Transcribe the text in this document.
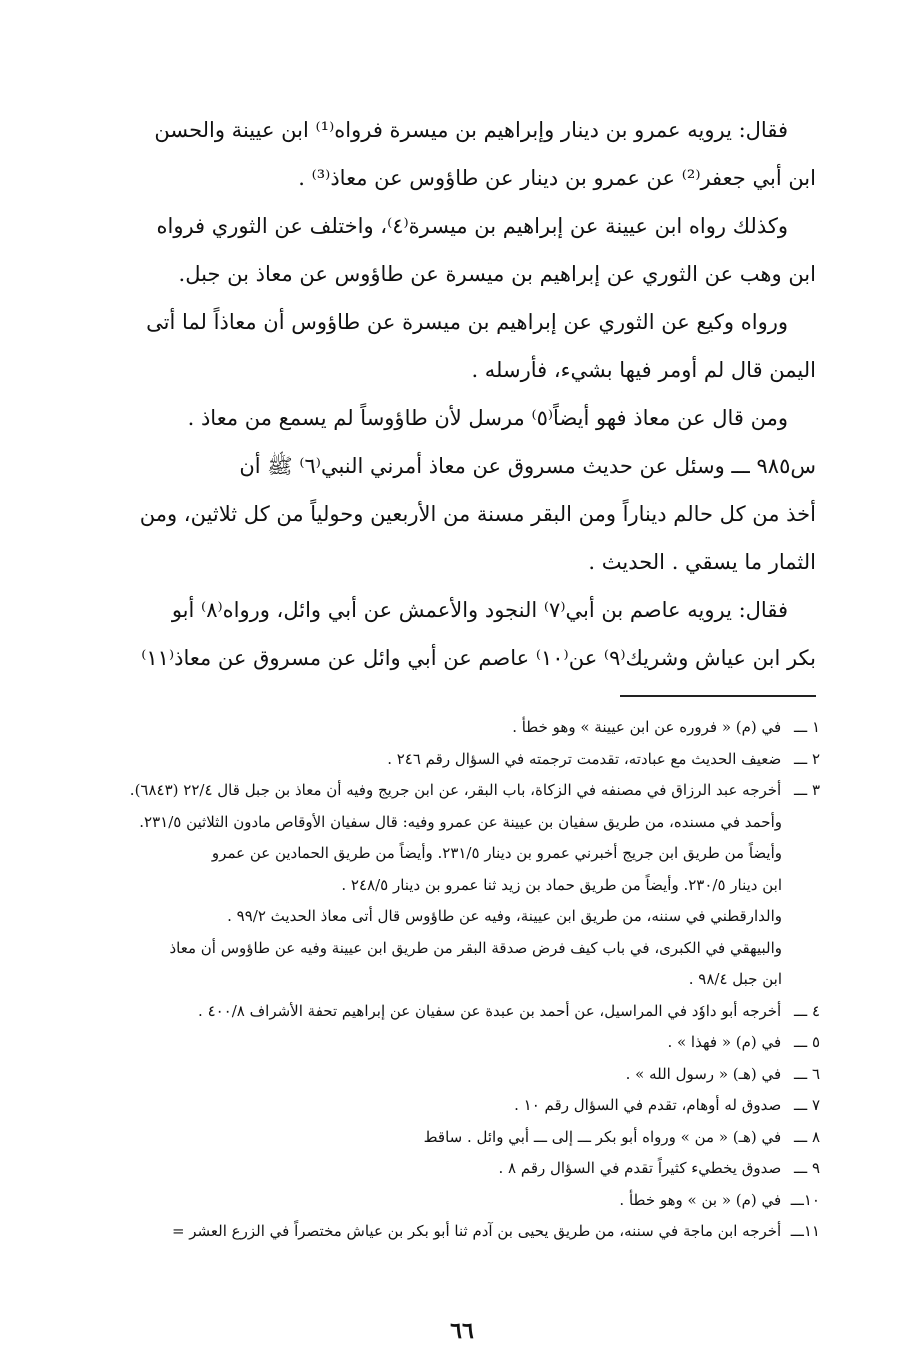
فقال: يرويه عمرو بن دينار وإبراهيم بن ميسرة فرواه⁽¹⁾ ابن عيينة والحسن
ابن أبي جعفر⁽²⁾ عن عمرو بن دينار عن طاؤوس عن معاذ⁽³⁾ .
وكذلك رواه ابن عيينة عن إبراهيم بن ميسرة⁽٤⁾، واختلف عن الثوري فرواه
ابن وهب عن الثوري عن إبراهيم بن ميسرة عن طاؤوس عن معاذ بن جبل.
ورواه وكيع عن الثوري عن إبراهيم بن ميسرة عن طاؤوس أن معاذاً لما أتى
اليمن قال لم أومر فيها بشيء، فأرسله .
ومن قال عن معاذ فهو أيضاً⁽٥⁾ مرسل لأن طاؤوساً لم يسمع من معاذ .
س٩٨٥ ـــ وسئل عن حديث مسروق عن معاذ أمرني النبي⁽٦⁾ ﷺ أن
أخذ من كل حالم ديناراً ومن البقر مسنة من الأربعين وحولياً من كل ثلاثين، ومن
الثمار ما يسقي . الحديث .
فقال: يرويه عاصم بن أبي⁽٧⁾ النجود والأعمش عن أبي وائل، ورواه⁽٨⁾ أبو
بكر ابن عياش وشريك⁽٩⁾ عن⁽١٠⁾ عاصم عن أبي وائل عن مسروق عن معاذ⁽١١⁾
١ ـــ في (م) « فروره عن ابن عيينة » وهو خطأ .
٢ ـــ ضعيف الحديث مع عبادته، تقدمت ترجمته في السؤال رقم ٢٤٦ .
٣ ـــ أخرجه عبد الرزاق في مصنفه في الزكاة، باب البقر، عن ابن جريج وفيه أن معاذ بن جبل قال ٢٢/٤ (٦٨٤٣).
وأحمد في مسنده، من طريق سفيان بن عيينة عن عمرو وفيه: قال سفيان الأوقاص مادون الثلاثين ٢٣١/٥.
وأيضاً من طريق ابن جريج أخبرني عمرو بن دينار ٢٣١/٥. وأيضاً من طريق الحمادين عن عمرو
ابن دينار ٢٣٠/٥. وأيضاً من طريق حماد بن زيد ثنا عمرو بن دينار ٢٤٨/٥ .
والدارقطني في سننه، من طريق ابن عيينة، وفيه عن طاؤوس قال أتى معاذ الحديث ٩٩/٢ .
والبيهقي في الكبرى، في باب كيف فرض صدقة البقر من طريق ابن عيينة وفيه عن طاؤوس أن معاذ
ابن جبل ٩٨/٤ .
٤ ـــ أخرجه أبو داوٗد في المراسيل، عن أحمد بن عبدة عن سفيان عن إبراهيم تحفة الأشراف ٤٠٠/٨ .
٥ ـــ في (م) « فهذا » .
٦ ـــ في (هـ) « رسول الله » .
٧ ـــ صدوق له أوهام، تقدم في السؤال رقم ١٠ .
٨ ـــ في (هـ) « من » ورواه أبو بكر ـــ إلى ـــ أبي وائل . ساقط
٩ ـــ صدوق يخطيء كثيراً تقدم في السؤال رقم ٨ .
١٠ـــ في (م) « بن » وهو خطأ .
١١ـــ أخرجه ابن ماجة في سننه، من طريق يحيى بن آدم ثنا أبو بكر بن عياش مختصراً في الزرع العشر =
٦٦
